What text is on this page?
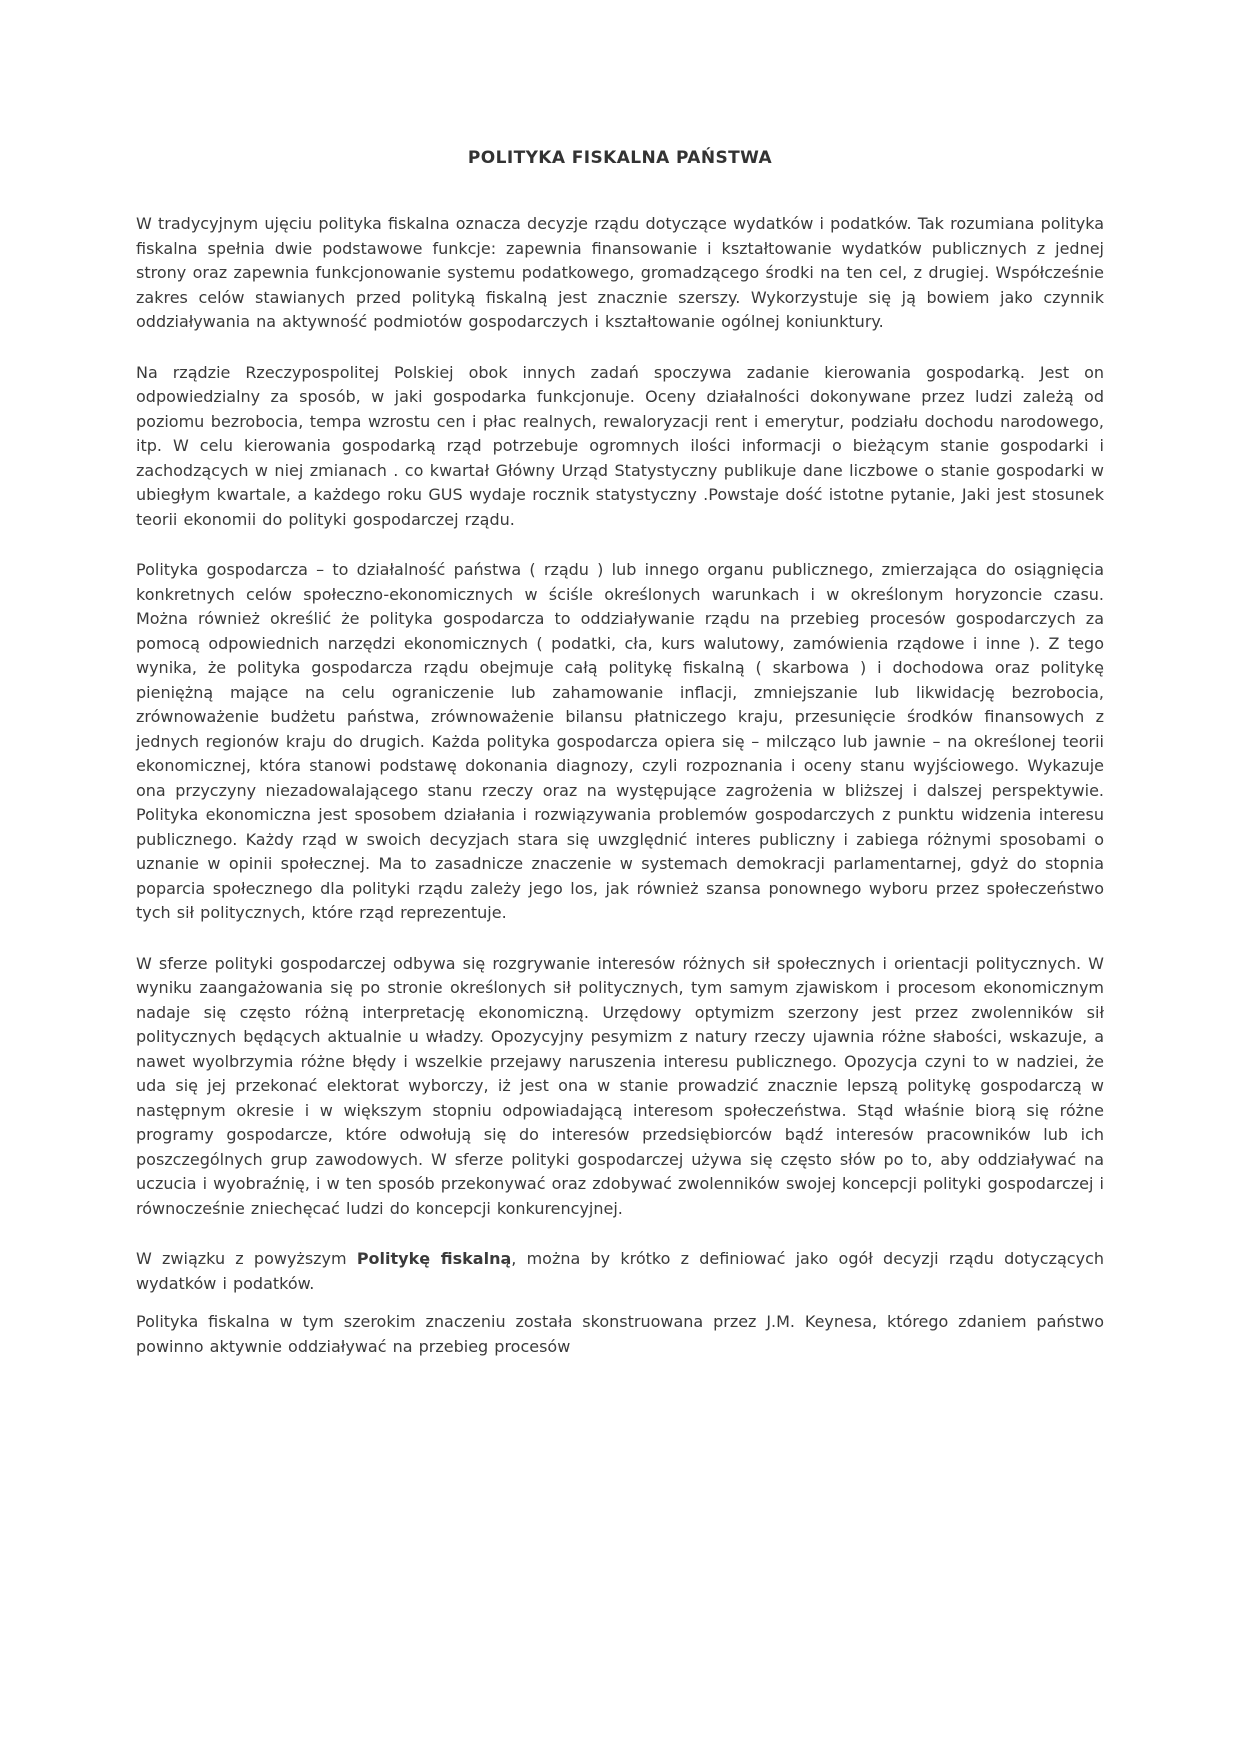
POLITYKA FISKALNA PAŃSTWA

W tradycyjnym ujęciu polityka fiskalna oznacza decyzje rządu dotyczące wydatków i podatków. Tak rozumiana polityka fiskalna spełnia dwie podstawowe funkcje: zapewnia finansowanie i kształtowanie wydatków publicznych z jednej strony oraz zapewnia funkcjonowanie systemu podatkowego, gromadzącego środki na ten cel, z drugiej. Współcześnie zakres celów stawianych przed polityką fiskalną jest znacznie szerszy. Wykorzystuje się ją bowiem jako czynnik oddziaływania na aktywność podmiotów gospodarczych i kształtowanie ogólnej koniunktury.

Na rządzie Rzeczypospolitej Polskiej obok innych zadań spoczywa zadanie kierowania gospodarką. Jest on odpowiedzialny za sposób, w jaki gospodarka funkcjonuje. Oceny działalności dokonywane przez ludzi zależą od poziomu bezrobocia, tempa wzrostu cen i płac realnych, rewaloryzacji rent i emerytur, podziału dochodu narodowego, itp. W celu kierowania gospodarką rząd potrzebuje ogromnych ilości informacji o bieżącym stanie gospodarki i zachodzących w niej zmianach . co kwartał Główny Urząd Statystyczny publikuje dane liczbowe o stanie gospodarki w ubiegłym kwartale, a każdego roku GUS wydaje rocznik statystyczny .Powstaje dość istotne pytanie, Jaki jest stosunek teorii ekonomii do polityki gospodarczej rządu.

Polityka gospodarcza – to działalność państwa ( rządu ) lub innego organu publicznego, zmierzająca do osiągnięcia konkretnych celów społeczno-ekonomicznych w ściśle określonych warunkach i w określonym horyzoncie czasu. Można również określić że polityka gospodarcza to oddziaływanie rządu na przebieg procesów gospodarczych za pomocą odpowiednich narzędzi ekonomicznych ( podatki, cła, kurs walutowy, zamówienia rządowe i inne ). Z tego wynika, że polityka gospodarcza rządu obejmuje całą politykę fiskalną ( skarbowa ) i dochodowa oraz politykę pieniężną mające na celu ograniczenie lub zahamowanie inflacji, zmniejszanie lub likwidację bezrobocia, zrównoważenie budżetu państwa, zrównoważenie bilansu płatniczego kraju, przesunięcie środków finansowych z jednych regionów kraju do drugich. Każda polityka gospodarcza opiera się – milcząco lub jawnie – na określonej teorii ekonomicznej, która stanowi podstawę dokonania diagnozy, czyli rozpoznania i oceny stanu wyjściowego. Wykazuje ona przyczyny niezadowalającego stanu rzeczy oraz na występujące zagrożenia w bliższej i dalszej perspektywie. Polityka ekonomiczna jest sposobem działania i rozwiązywania problemów gospodarczych z punktu widzenia interesu publicznego. Każdy rząd w swoich decyzjach stara się uwzględnić interes publiczny i zabiega różnymi sposobami o uznanie w opinii społecznej. Ma to zasadnicze znaczenie w systemach demokracji parlamentarnej, gdyż do stopnia poparcia społecznego dla polityki rządu zależy jego los, jak również szansa ponownego wyboru przez społeczeństwo tych sił politycznych, które rząd reprezentuje.

W sferze polityki gospodarczej odbywa się rozgrywanie interesów różnych sił społecznych i orientacji politycznych. W wyniku zaangażowania się po stronie określonych sił politycznych, tym samym zjawiskom i procesom ekonomicznym nadaje się często różną interpretację ekonomiczną. Urzędowy optymizm szerzony jest przez zwolenników sił politycznych będących aktualnie u władzy. Opozycyjny pesymizm z natury rzeczy ujawnia różne słabości, wskazuje, a nawet wyolbrzymia różne błędy i wszelkie przejawy naruszenia interesu publicznego. Opozycja czyni to w nadziei, że uda się jej przekonać elektorat wyborczy, iż jest ona w stanie prowadzić znacznie lepszą politykę gospodarczą w następnym okresie i w większym stopniu odpowiadającą interesom społeczeństwa. Stąd właśnie biorą się różne programy gospodarcze, które odwołują się do interesów przedsiębiorców bądź interesów pracowników lub ich poszczególnych grup zawodowych. W sferze polityki gospodarczej używa się często słów po to, aby oddziaływać na uczucia i wyobraźnię, i w ten sposób przekonywać oraz zdobywać zwolenników swojej koncepcji polityki gospodarczej i równocześnie zniechęcać ludzi do koncepcji konkurencyjnej.

W związku z powyższym Politykę fiskalną, można by krótko z definiować jako ogół decyzji rządu dotyczących wydatków i podatków.

Polityka fiskalna w tym szerokim znaczeniu została skonstruowana przez J.M. Keynesa, którego zdaniem państwo powinno aktywnie oddziaływać na przebieg procesów
